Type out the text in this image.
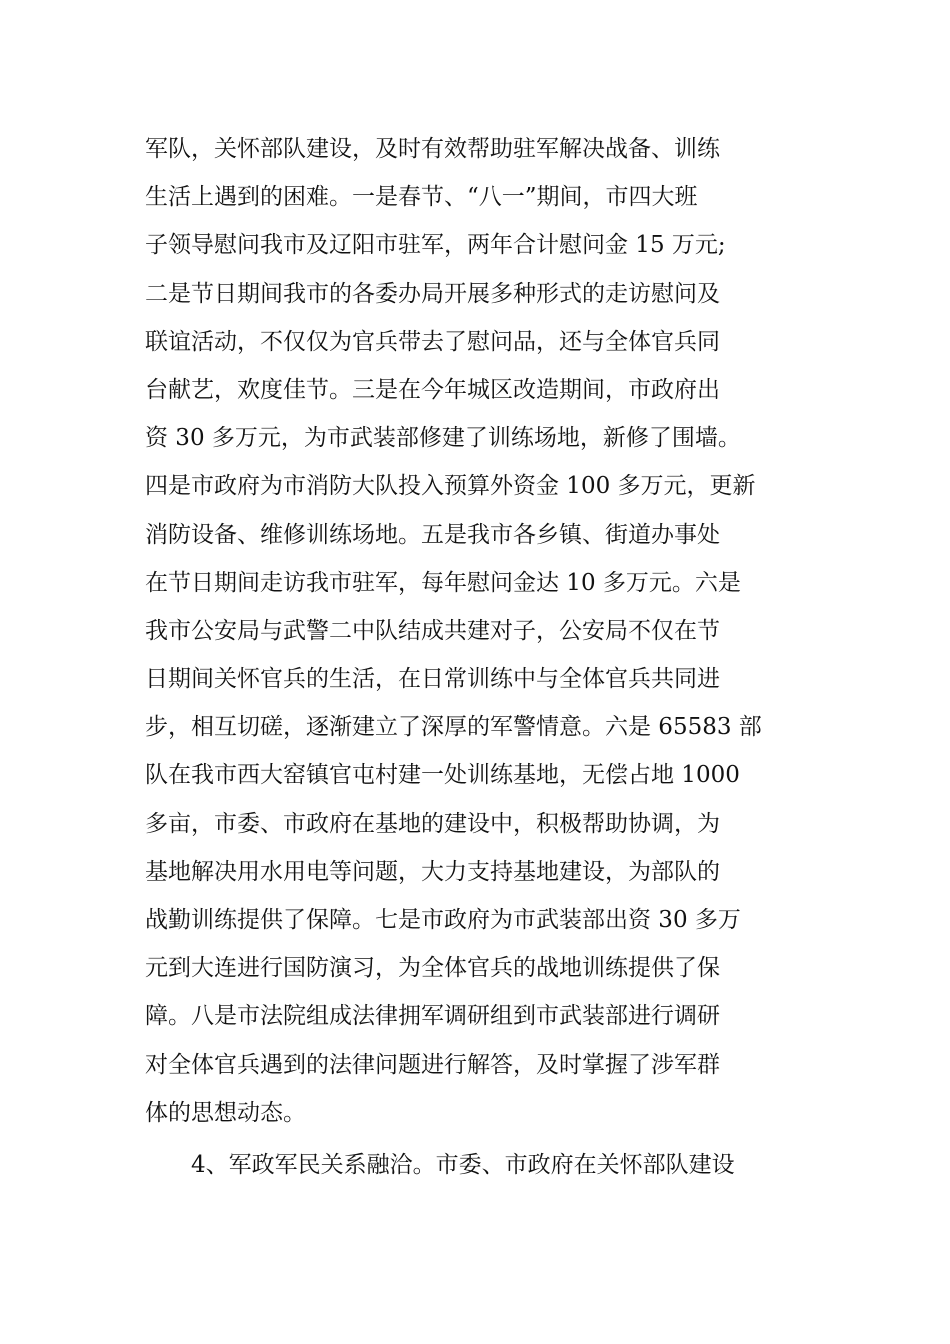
军队，关怀部队建设，及时有效帮助驻军解决战备、训练
生活上遇到的困难。一是春节、“八一”期间，市四大班
子领导慰问我市及辽阳市驻军，两年合计慰问金 15 万元;
二是节日期间我市的各委办局开展多种形式的走访慰问及
联谊活动，不仅仅为官兵带去了慰问品，还与全体官兵同
台献艺，欢度佳节。三是在今年城区改造期间，市政府出
资 30 多万元，为市武装部修建了训练场地，新修了围墙。
四是市政府为市消防大队投入预算外资金 100 多万元，更新
消防设备、维修训练场地。五是我市各乡镇、街道办事处
在节日期间走访我市驻军，每年慰问金达 10 多万元。六是
我市公安局与武警二中队结成共建对子，公安局不仅在节
日期间关怀官兵的生活，在日常训练中与全体官兵共同进
步，相互切磋，逐渐建立了深厚的军警情意。六是 65583 部
队在我市西大窑镇官屯村建一处训练基地，无偿占地 1000
多亩，市委、市政府在基地的建设中，积极帮助协调，为
基地解决用水用电等问题，大力支持基地建设，为部队的
战勤训练提供了保障。七是市政府为市武装部出资 30 多万
元到大连进行国防演习，为全体官兵的战地训练提供了保
障。八是市法院组成法律拥军调研组到市武装部进行调研
对全体官兵遇到的法律问题进行解答，及时掌握了涉军群
体的思想动态。
4、军政军民关系融洽。市委、市政府在关怀部队建设
